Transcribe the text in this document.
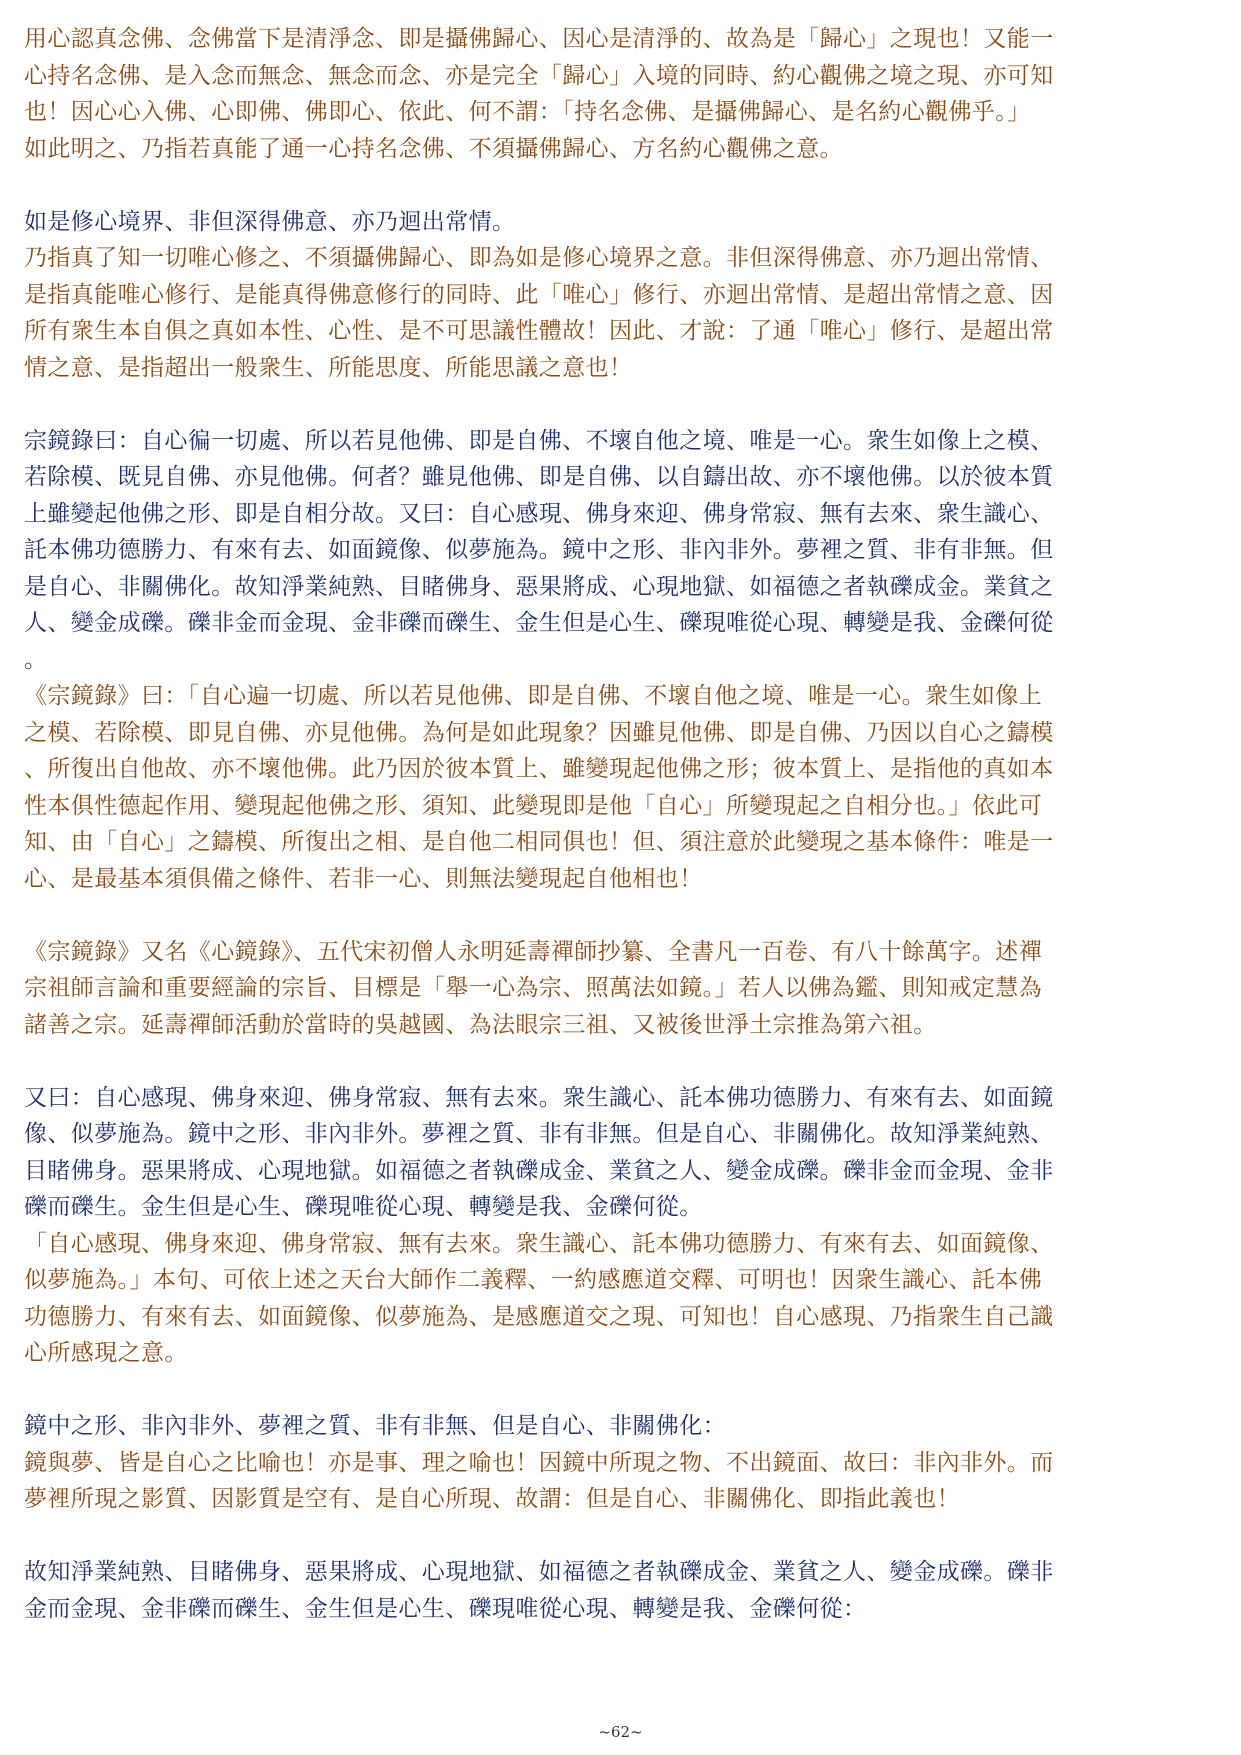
用心認真念佛、念佛當下是清淨念、即是攝佛歸心、因心是清淨的、故為是「歸心」之現也！又能一
心持名念佛、是入念而無念、無念而念、亦是完全「歸心」入境的同時、約心觀佛之境之現、亦可知
也！因心心入佛、心即佛、佛即心、依此、何不謂：「持名念佛、是攝佛歸心、是名約心觀佛乎。」
如此明之、乃指若真能了通一心持名念佛、不須攝佛歸心、方名約心觀佛之意。
如是修心境界、非但深得佛意、亦乃迴出常情。
乃指真了知一切唯心修之、不須攝佛歸心、即為如是修心境界之意。非但深得佛意、亦乃迴出常情、
是指真能唯心修行、是能真得佛意修行的同時、此「唯心」修行、亦迴出常情、是超出常情之意、因
所有衆生本自俱之真如本性、心性、是不可思議性體故！因此、才說：了通「唯心」修行、是超出常
情之意、是指超出一般衆生、所能思度、所能思議之意也！
宗鏡錄曰：自心徧一切處、所以若見他佛、即是自佛、不壞自他之境、唯是一心。衆生如像上之模、
若除模、既見自佛、亦見他佛。何者？雖見他佛、即是自佛、以自鑄出故、亦不壞他佛。以於彼本質
上雖變起他佛之形、即是自相分故。又曰：自心感現、佛身來迎、佛身常寂、無有去來、衆生識心、
託本佛功德勝力、有來有去、如面鏡像、似夢施為。鏡中之形、非內非外。夢裡之質、非有非無。但
是自心、非關佛化。故知淨業純熟、目睹佛身、惡果將成、心現地獄、如福德之者執礫成金。業貧之
人、變金成礫。礫非金而金現、金非礫而礫生、金生但是心生、礫現唯從心現、轉變是我、金礫何從
。
《宗鏡錄》曰：「自心遍一切處、所以若見他佛、即是自佛、不壞自他之境、唯是一心。衆生如像上
之模、若除模、即見自佛、亦見他佛。為何是如此現象？因雖見他佛、即是自佛、乃因以自心之鑄模
、所復出自他故、亦不壞他佛。此乃因於彼本質上、雖變現起他佛之形；彼本質上、是指他的真如本
性本俱性德起作用、變現起他佛之形、須知、此變現即是他「自心」所變現起之自相分也。」依此可
知、由「自心」之鑄模、所復出之相、是自他二相同俱也！但、須注意於此變現之基本條件：唯是一
心、是最基本須俱備之條件、若非一心、則無法變現起自他相也！
《宗鏡錄》又名《心鏡錄》、五代宋初僧人永明延壽禪師抄纂、全書凡一百卷、有八十餘萬字。述禪
宗祖師言論和重要經論的宗旨、目標是「舉一心為宗、照萬法如鏡。」若人以佛為鑑、則知戒定慧為
諸善之宗。延壽禪師活動於當時的吳越國、為法眼宗三祖、又被後世淨土宗推為第六祖。
又曰：自心感現、佛身來迎、佛身常寂、無有去來。衆生識心、託本佛功德勝力、有來有去、如面鏡
像、似夢施為。鏡中之形、非內非外。夢裡之質、非有非無。但是自心、非關佛化。故知淨業純熟、
目睹佛身。惡果將成、心現地獄。如福德之者執礫成金、業貧之人、變金成礫。礫非金而金現、金非
礫而礫生。金生但是心生、礫現唯從心現、轉變是我、金礫何從。
「自心感現、佛身來迎、佛身常寂、無有去來。衆生識心、託本佛功德勝力、有來有去、如面鏡像、
似夢施為。」本句、可依上述之天台大師作二義釋、一約感應道交釋、可明也！因衆生識心、託本佛
功德勝力、有來有去、如面鏡像、似夢施為、是感應道交之現、可知也！自心感現、乃指衆生自己識
心所感現之意。
鏡中之形、非內非外、夢裡之質、非有非無、但是自心、非關佛化：
鏡與夢、皆是自心之比喻也！亦是事、理之喻也！因鏡中所現之物、不出鏡面、故曰：非內非外。而
夢裡所現之影質、因影質是空有、是自心所現、故謂：但是自心、非關佛化、即指此義也！
故知淨業純熟、目睹佛身、惡果將成、心現地獄、如福德之者執礫成金、業貧之人、變金成礫。礫非
金而金現、金非礫而礫生、金生但是心生、礫現唯從心現、轉變是我、金礫何從：
~62~
